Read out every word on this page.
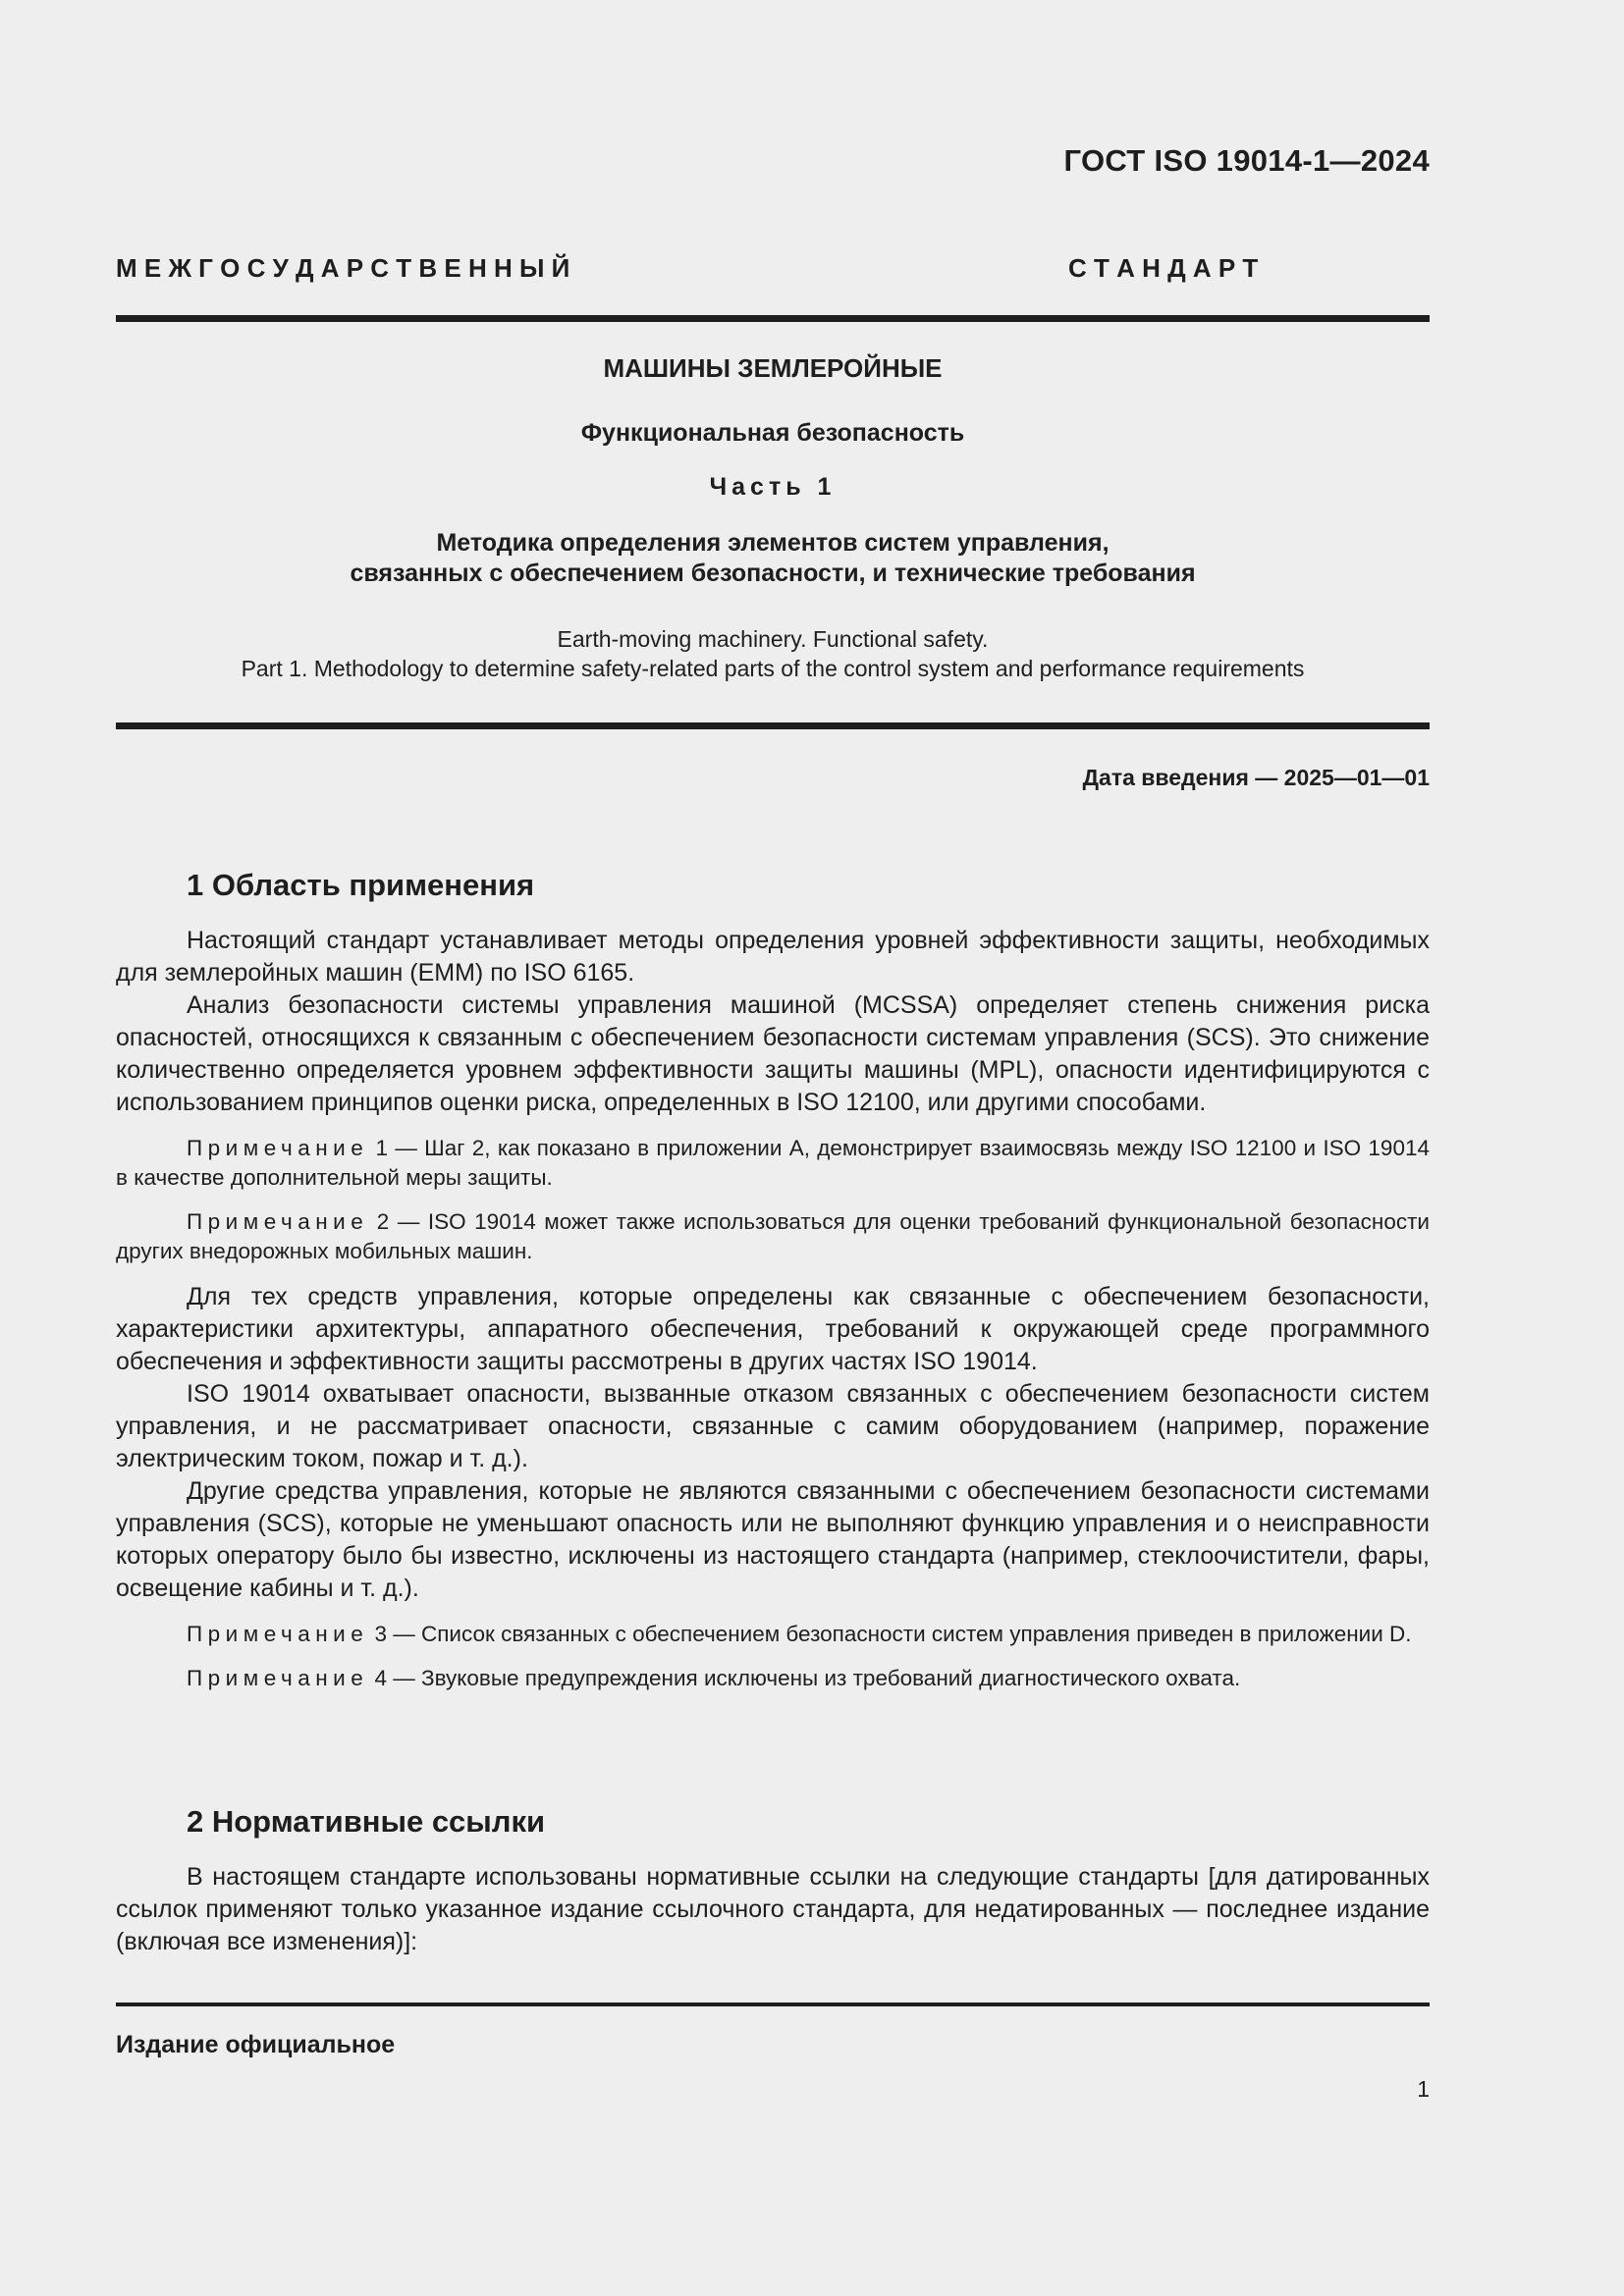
ГОСТ ISO 19014-1—2024
М Е Ж Г О С У Д А Р С Т В Е Н Н Ы Й	С Т А Н Д А Р Т
МАШИНЫ ЗЕМЛЕРОЙНЫЕ
Функциональная безопасность
Часть 1
Методика определения элементов систем управления,
связанных с обеспечением безопасности, и технические требования
Earth-moving machinery. Functional safety.
Part 1. Methodology to determine safety-related parts of the control system and performance requirements
Дата введения — 2025—01—01
1 Область применения

Настоящий стандарт устанавливает методы определения уровней эффективности защиты, необходимых для землеройных машин (ЕММ) по ISO 6165.

Анализ безопасности системы управления машиной (MCSSA) определяет степень снижения риска опасностей, относящихся к связанным с обеспечением безопасности системам управления (SCS). Это снижение количественно определяется уровнем эффективности защиты машины (MPL), опасности идентифицируются с использованием принципов оценки риска, определенных в ISO 12100, или другими способами.

Примечание 1 — Шаг 2, как показано в приложении А, демонстрирует взаимосвязь между ISO 12100 и ISO 19014 в качестве дополнительной меры защиты.

Примечание 2 — ISO 19014 может также использоваться для оценки требований функциональной безопасности других внедорожных мобильных машин.

Для тех средств управления, которые определены как связанные с обеспечением безопасности, характеристики архитектуры, аппаратного обеспечения, требований к окружающей среде программного обеспечения и эффективности защиты рассмотрены в других частях ISO 19014.

ISO 19014 охватывает опасности, вызванные отказом связанных с обеспечением безопасности систем управления, и не рассматривает опасности, связанные с самим оборудованием (например, поражение электрическим током, пожар и т. д.).

Другие средства управления, которые не являются связанными с обеспечением безопасности системами управления (SCS), которые не уменьшают опасность или не выполняют функцию управления и о неисправности которых оператору было бы известно, исключены из настоящего стандарта (например, стеклоочистители, фары, освещение кабины и т. д.).

Примечание 3 — Список связанных с обеспечением безопасности систем управления приведен в приложении D.

Примечание 4 — Звуковые предупреждения исключены из требований диагностического охвата.

2 Нормативные ссылки

В настоящем стандарте использованы нормативные ссылки на следующие стандарты [для датированных ссылок применяют только указанное издание ссылочного стандарта, для недатированных — последнее издание (включая все изменения)]:

Издание официальное
1
